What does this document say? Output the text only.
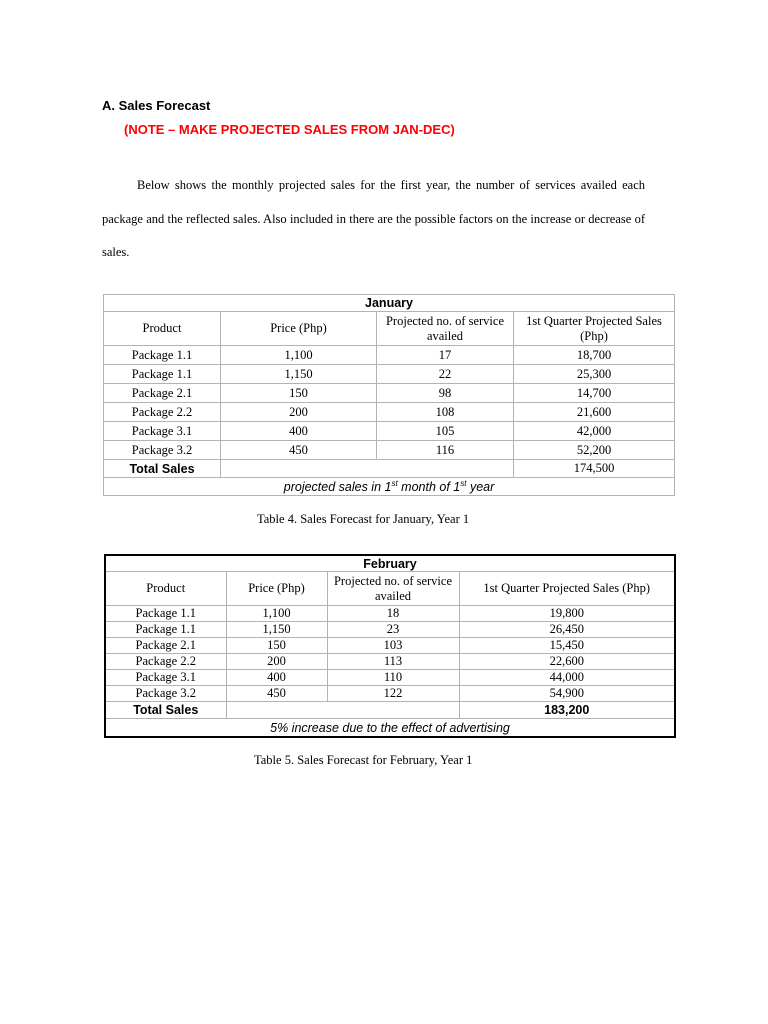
A. Sales Forecast
(NOTE – MAKE PROJECTED SALES FROM JAN-DEC)
Below shows the monthly projected sales for the first year, the number of services availed each package and the reflected sales. Also included in there are the possible factors on the increase or decrease of sales.
January			
Product	Price (Php)	Projected no. of service availed	1st Quarter Projected Sales (Php)
Package 1.1	1,100	17	18,700
Package 1.1	1,150	22	25,300
Package 2.1	150	98	14,700
Package 2.2	200	108	21,600
Package 3.1	400	105	42,000
Package 3.2	450	116	52,200
Total Sales			174,500
projected sales in 1st month of 1st year			
Table 4. Sales Forecast for January, Year 1
February			
Product	Price (Php)	Projected no. of service availed	1st Quarter Projected Sales (Php)
Package 1.1	1,100	18	19,800
Package 1.1	1,150	23	26,450
Package 2.1	150	103	15,450
Package 2.2	200	113	22,600
Package 3.1	400	110	44,000
Package 3.2	450	122	54,900
Total Sales			183,200
5% increase due to the effect of advertising			
Table 5. Sales Forecast for February, Year 1
